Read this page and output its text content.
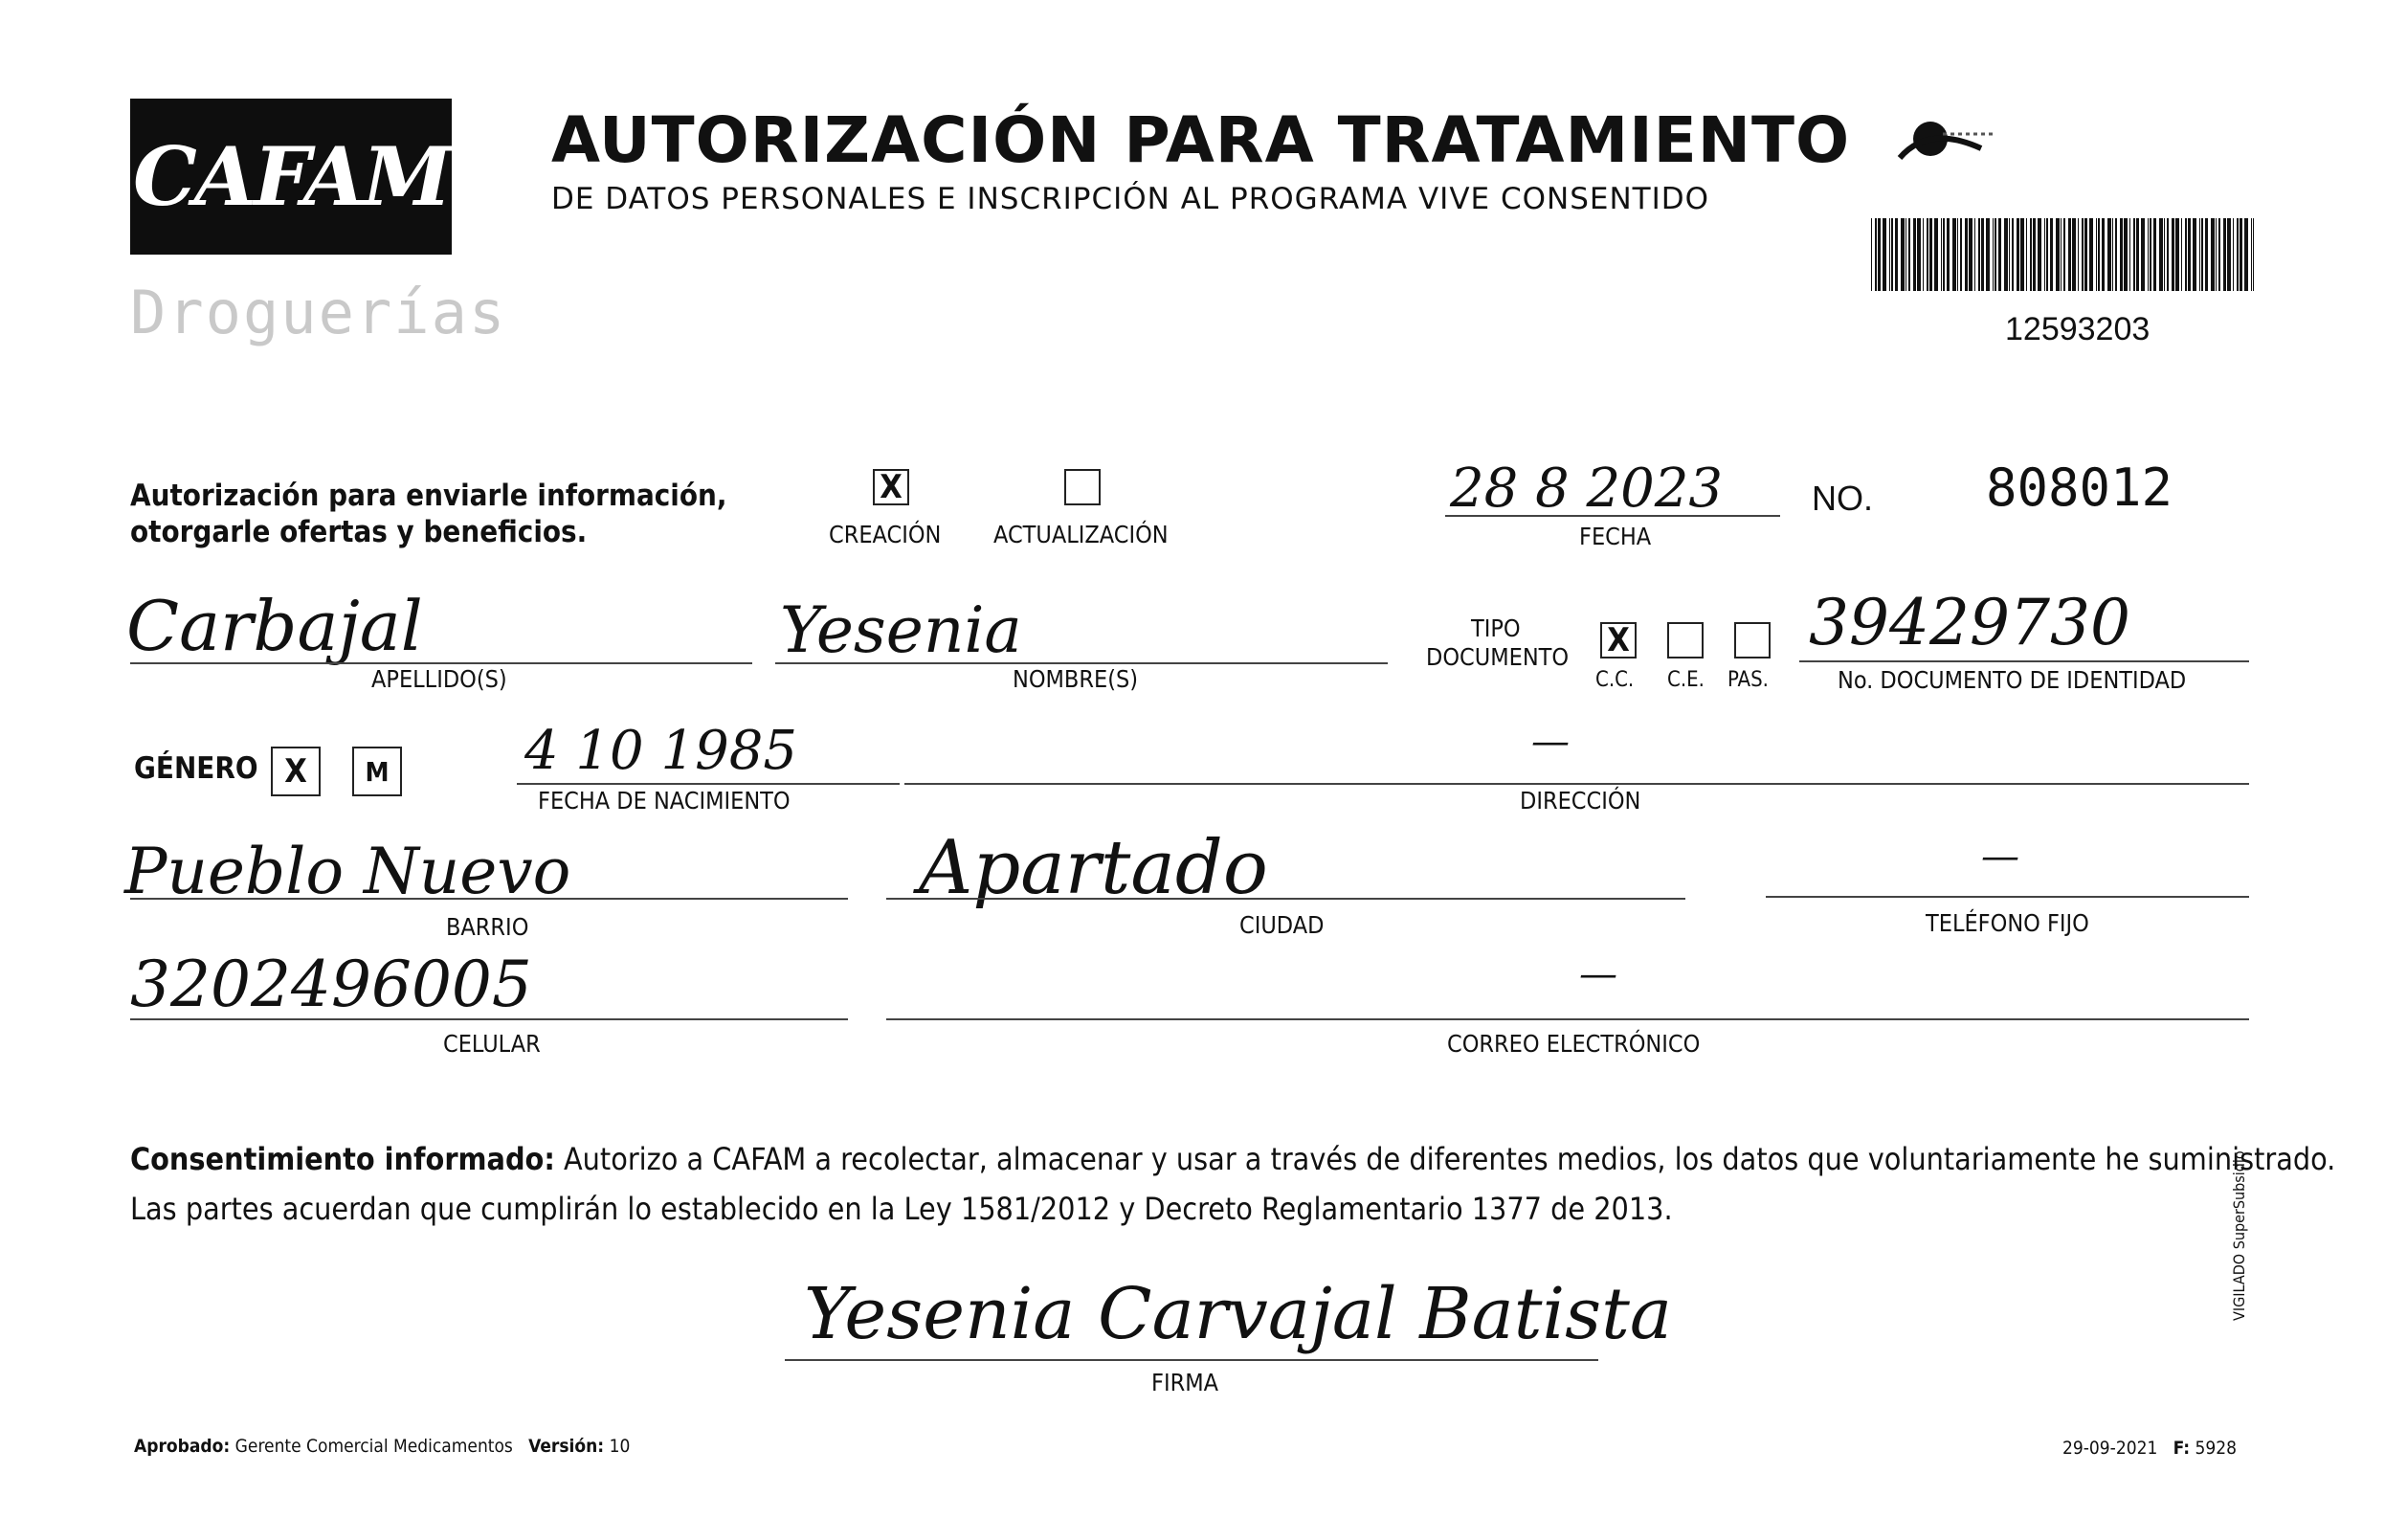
CAFAM
Droguerías
AUTORIZACIÓN PARA TRATAMIENTO
DE DATOS PERSONALES E INSCRIPCIÓN AL PROGRAMA VIVE CONSENTIDO
12593203
Autorización para enviarle información,
otorgarle ofertas y beneficios.
X
CREACIÓN ACTUALIZACIÓN
28 8 2023
FECHA
NO. 808012
Carbajal
APELLIDO(S)
Yesenia
NOMBRE(S)
TIPO
DOCUMENTO X
C.C. C.E. PAS.
39429730
No. DOCUMENTO DE IDENTIDAD
GÉNERO X M	4 10 1985
FECHA DE NACIMIENTO
—
DIRECCIÓN
Pueblo Nuevo
BARRIO
Apartado
CIUDAD
—
TELÉFONO FIJO
3202496005
CELULAR
—
CORREO ELECTRÓNICO
Consentimiento informado: Autorizo a CAFAM a recolectar, almacenar y usar a través de diferentes medios, los datos que voluntariamente he suministrado.
Las partes acuerdan que cumplirán lo establecido en la Ley 1581/2012 y Decreto Reglamentario 1377 de 2013.
Yesenia Carvajal Batista
FIRMA
Aprobado: Gerente Comercial Medicamentos Versión: 10	29-09-2021 F: 5928
VIGILADO SuperSubsidio
